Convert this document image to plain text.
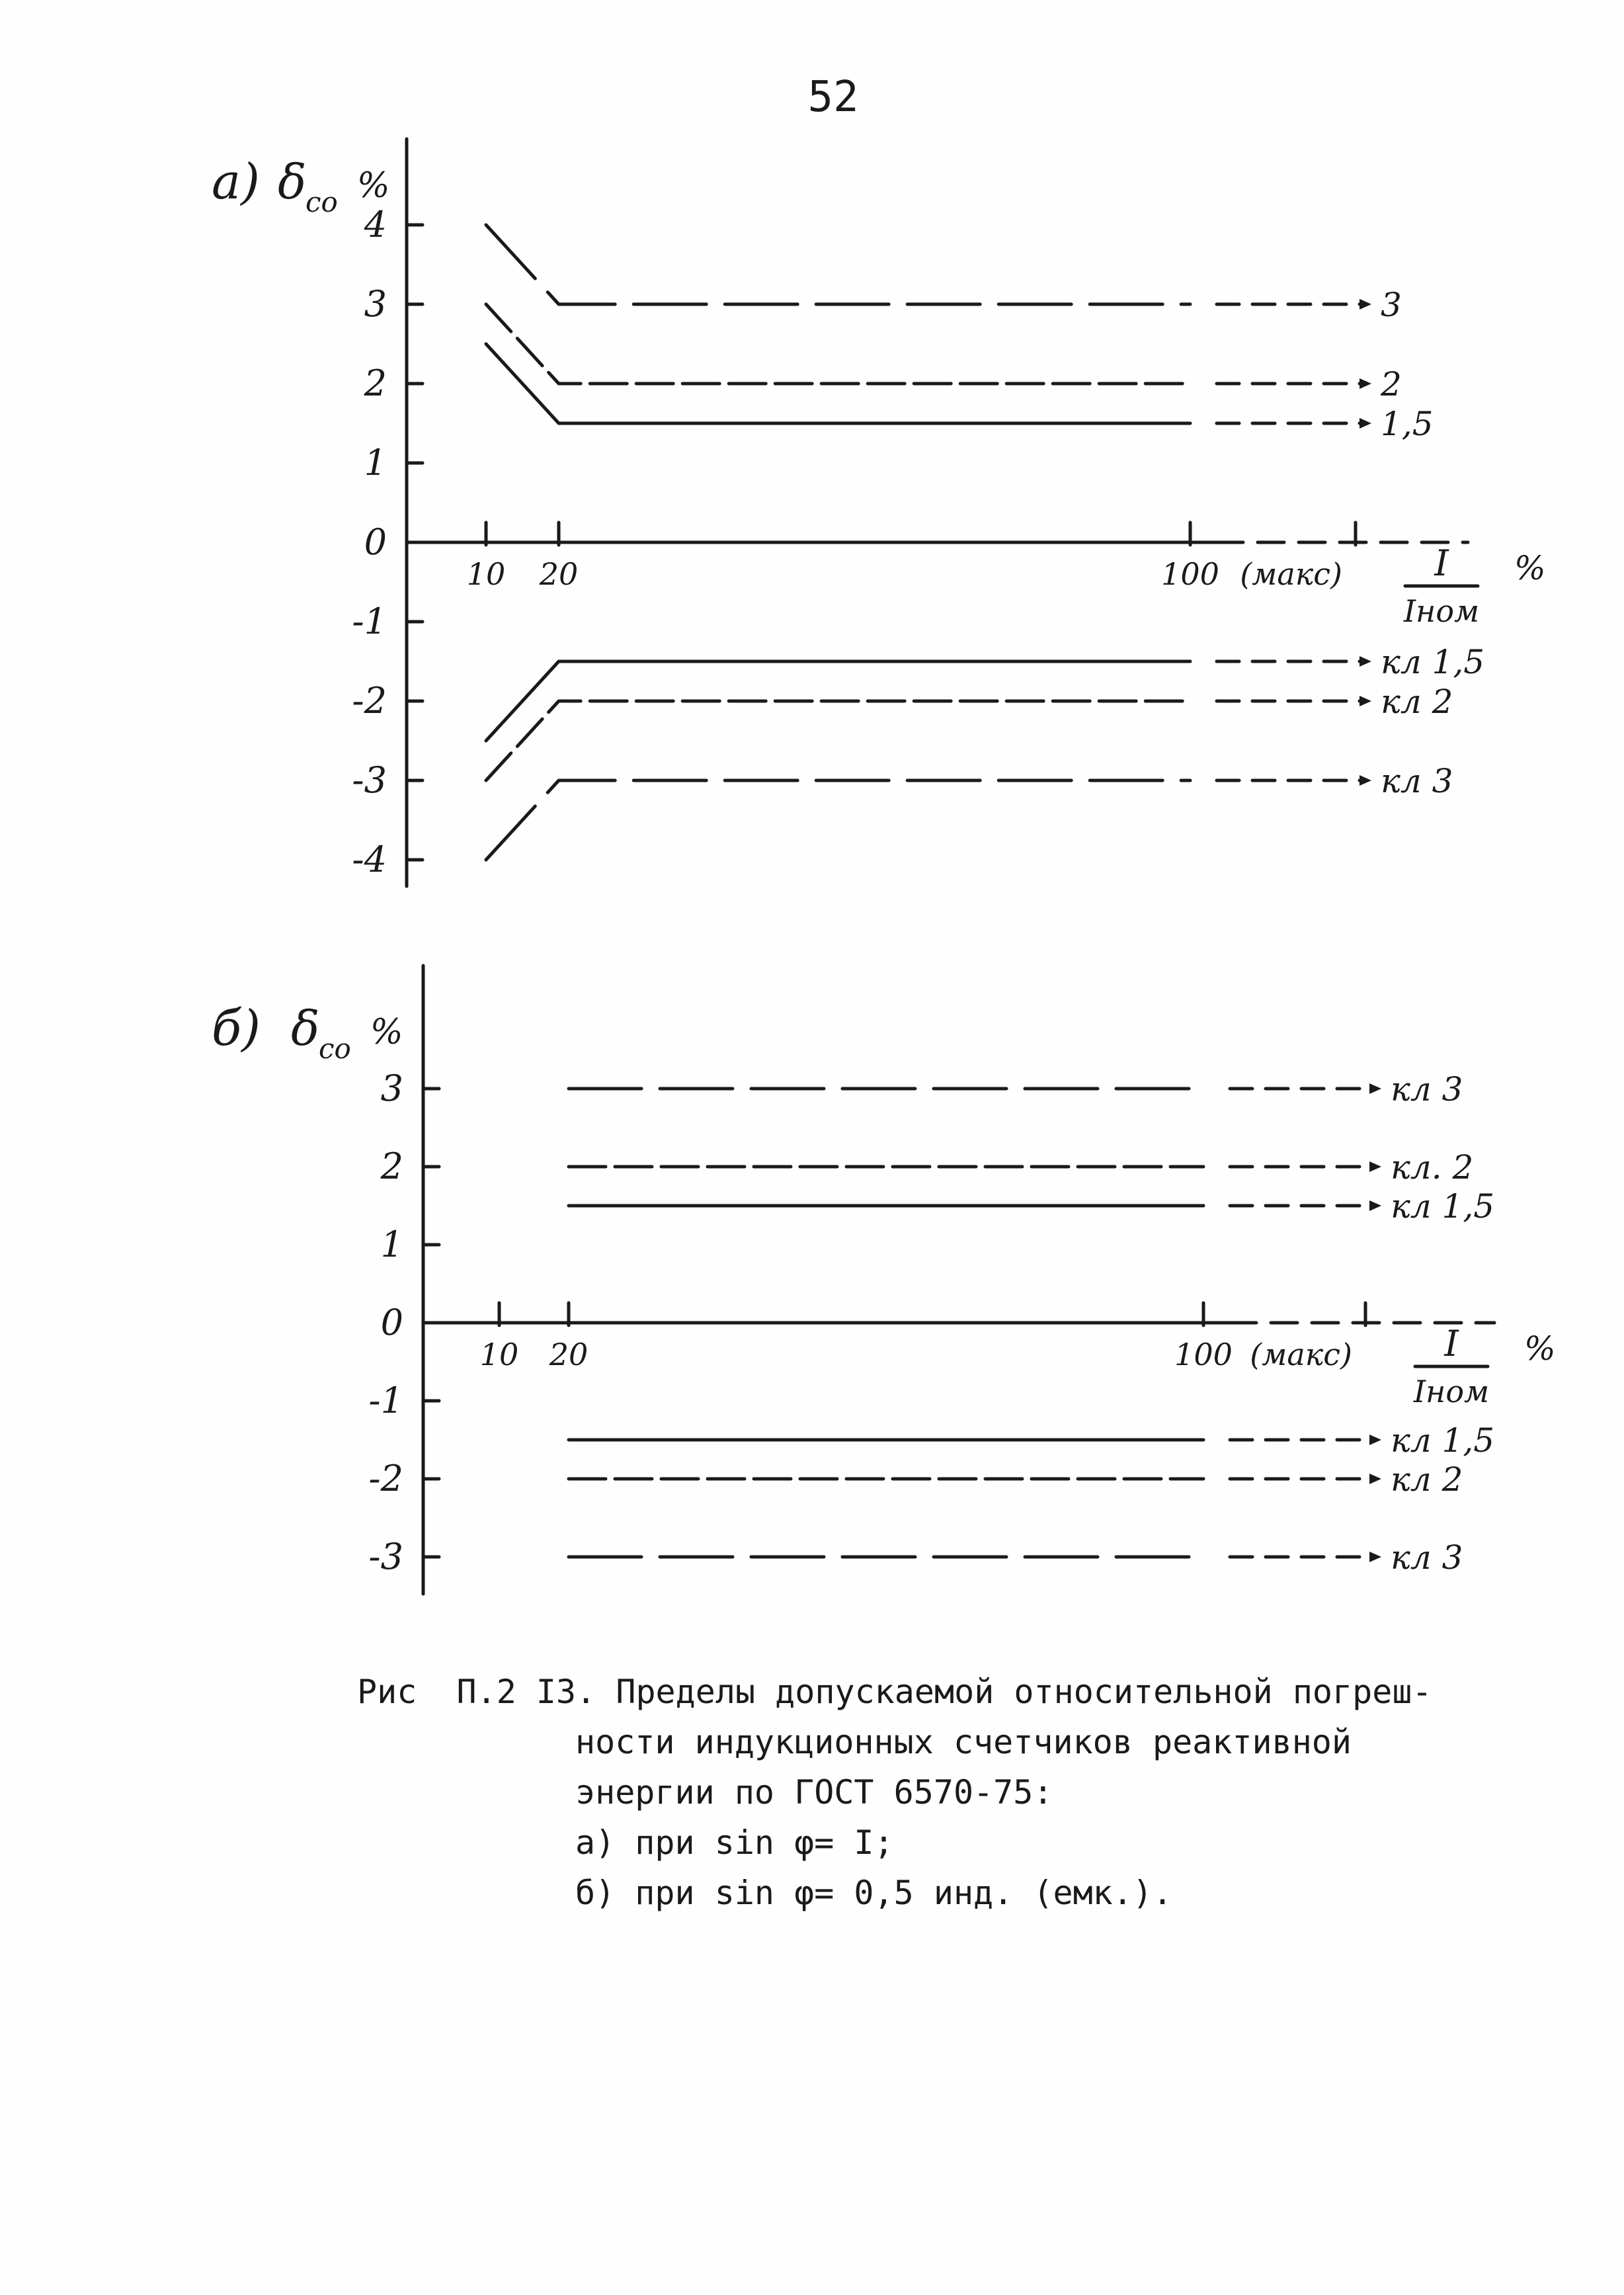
52
а) δ
со %
4
3
2
1
0
-1
-2
-3
-4
10 20	100 (макс)	I
Iном
%
3
2
1,5
кл 1,5
кл 2
кл 3
б) δ
со %
3
2
1
0
-1
-2
-3
10 20	100 (макс)	I
Iном
%
кл 3
кл. 2
кл 1,5
кл 1,5
кл 2
кл 3
Рис  П.2 I3. Пределы допускаемой относительной погреш-
ности индукционных счетчиков реактивной
энергии по ГОСТ 6570-75:
а) при sin φ= I;
б) при sin φ= 0,5 инд. (емк.).
